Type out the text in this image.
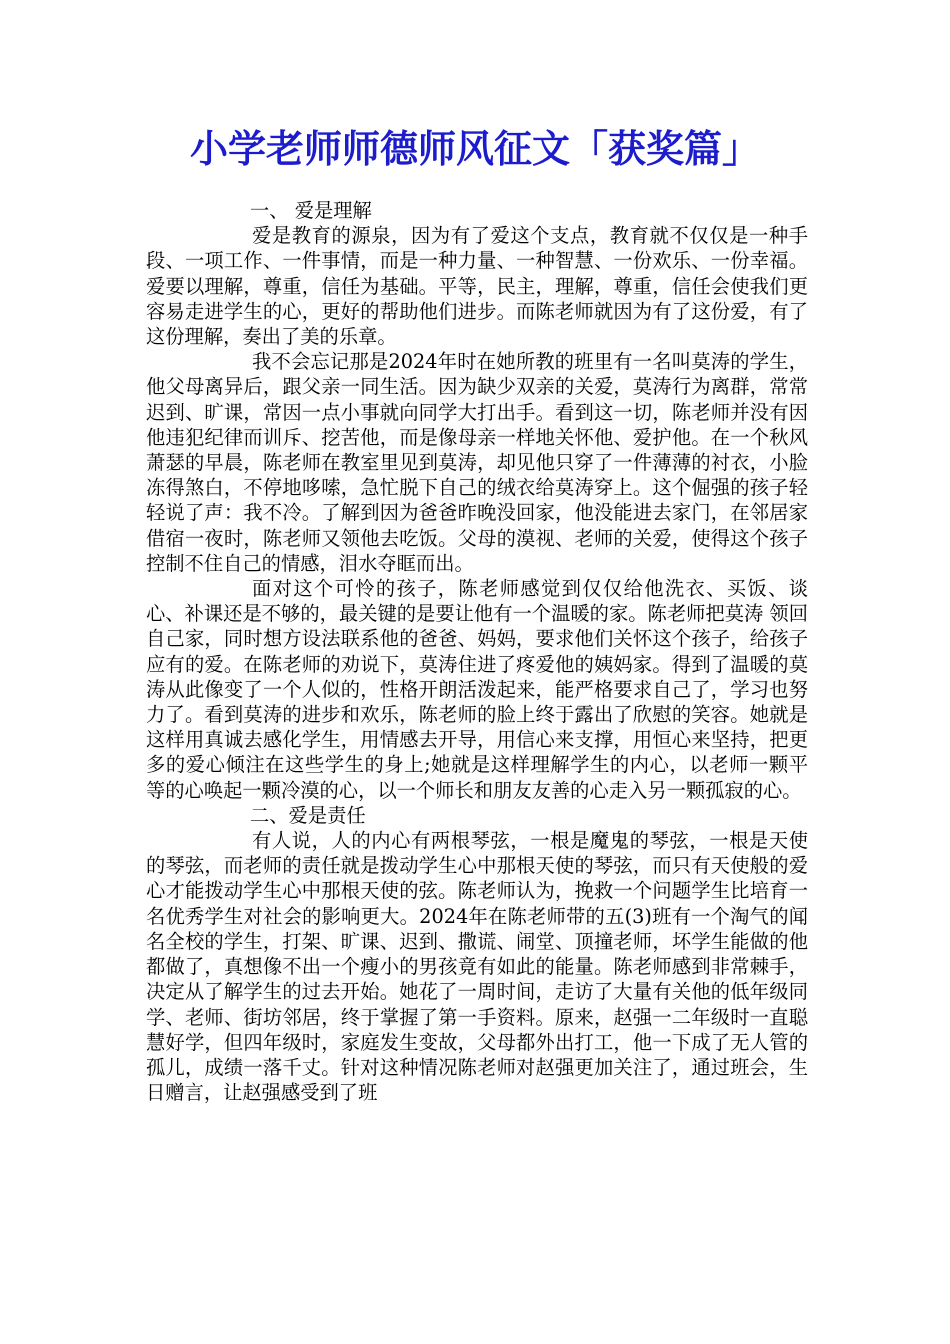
小学老师师德师风征文「获奖篇」

一、 爱是理解

爱是教育的源泉，因为有了爱这个支点，教育就不仅仅是一种手段、一项工作、一件事情，而是一种力量、一种智慧、一份欢乐、一份幸福。爱要以理解，尊重，信任为基础。平等，民主，理解，尊重，信任会使我们更容易走进学生的心，更好的帮助他们进步。而陈老师就因为有了这份爱，有了这份理解，奏出了美的乐章。

我不会忘记那是2024年时在她所教的班里有一名叫莫涛的学生，他父母离异后，跟父亲一同生活。因为缺少双亲的关爱，莫涛行为离群，常常迟到、旷课，常因一点小事就向同学大打出手。看到这一切，陈老师并没有因他违犯纪律而训斥、挖苦他，而是像母亲一样地关怀他、爱护他。在一个秋风萧瑟的早晨，陈老师在教室里见到莫涛，却见他只穿了一件薄薄的衬衣，小脸冻得煞白，不停地哆嗦，急忙脱下自己的绒衣给莫涛穿上。这个倔强的孩子轻轻说了声：我不冷。了解到因为爸爸昨晚没回家，他没能进去家门，在邻居家借宿一夜时，陈老师又领他去吃饭。父母的漠视、老师的关爱，使得这个孩子控制不住自己的情感，泪水夺眶而出。

面对这个可怜的孩子，陈老师感觉到仅仅给他洗衣、买饭、谈心、补课还是不够的，最关键的是要让他有一个温暖的家。陈老师把莫涛 领回自己家，同时想方设法联系他的爸爸、妈妈，要求他们关怀这个孩子，给孩子应有的爱。在陈老师的劝说下，莫涛住进了疼爱他的姨妈家。得到了温暖的莫涛从此像变了一个人似的，性格开朗活泼起来，能严格要求自己了，学习也努力了。看到莫涛的进步和欢乐，陈老师的脸上终于露出了欣慰的笑容。她就是这样用真诚去感化学生，用情感去开导，用信心来支撑，用恒心来坚持，把更多的爱心倾注在这些学生的身上;她就是这样理解学生的内心，以老师一颗平等的心唤起一颗冷漠的心，以一个师长和朋友友善的心走入另一颗孤寂的心。

二、爱是责任

有人说，人的内心有两根琴弦，一根是魔鬼的琴弦，一根是天使的琴弦，而老师的责任就是拨动学生心中那根天使的琴弦，而只有天使般的爱心才能拨动学生心中那根天使的弦。陈老师认为，挽救一个问题学生比培育一名优秀学生对社会的影响更大。2024年在陈老师带的五(3)班有一个淘气的闻名全校的学生，打架、旷课、迟到、撒谎、闹堂、顶撞老师，坏学生能做的他都做了，真想像不出一个瘦小的男孩竟有如此的能量。陈老师感到非常棘手，决定从了解学生的过去开始。她花了一周时间，走访了大量有关他的低年级同学、老师、街坊邻居，终于掌握了第一手资料。原来，赵强一二年级时一直聪慧好学，但四年级时，家庭发生变故，父母都外出打工，他一下成了无人管的孤儿，成绩一落千丈。针对这种情况陈老师对赵强更加关注了，通过班会，生日赠言，让赵强感受到了班
